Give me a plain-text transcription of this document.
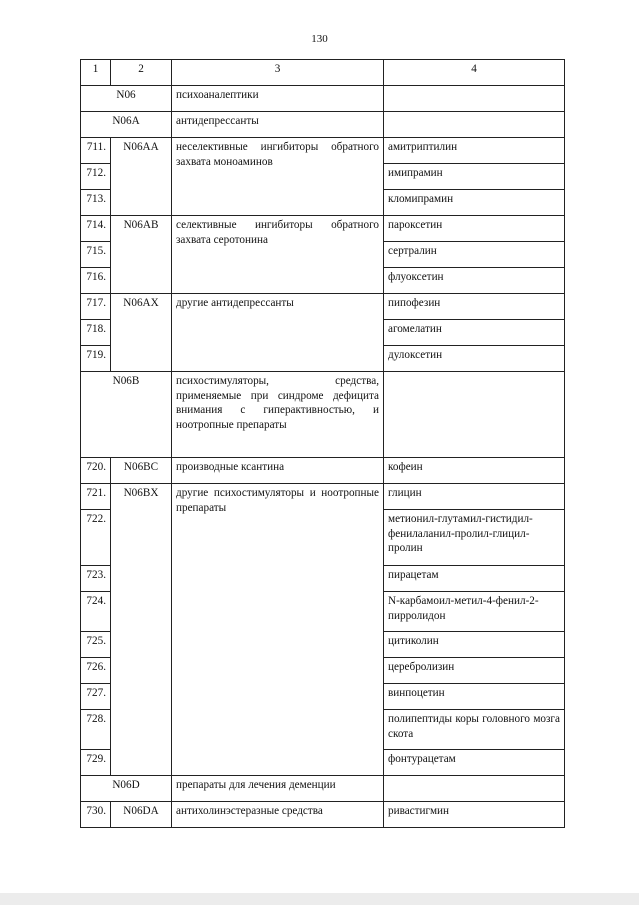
130
1	2	3	4
N06		психоаналептики	
N06A		антидепрессанты	
711.	N06AA	неселективные ингибиторы обратного захвата моноаминов	амитриптилин
712.			имипрамин
713.			кломипрамин
714.	N06AB	селективные ингибиторы обратного захвата серотонина	пароксетин
715.			сертралин
716.			флуоксетин
717.	N06AX	другие антидепрессанты	пипофезин
718.			агомелатин
719.			дулоксетин
N06B		психостимуляторы, средства, применяемые при синдроме дефицита внимания с гиперактивностью, и ноотропные препараты	
720.	N06BC	производные ксантина	кофеин
721.	N06BX	другие психостимуляторы и ноотропные препараты	глицин
722.			метионил-глутамил-гистидил-фенилаланил-пролил-глицил-пролин
723.			пирацетам
724.			N-карбамоил-метил-4-фенил-2-пирролидон
725.			цитиколин
726.			церебролизин
727.			винпоцетин
728.			полипептиды коры головного мозга скота
729.			фонтурацетам
N06D		препараты для лечения деменции	
730.	N06DA	антихолинэстеразные средства	ривастигмин
